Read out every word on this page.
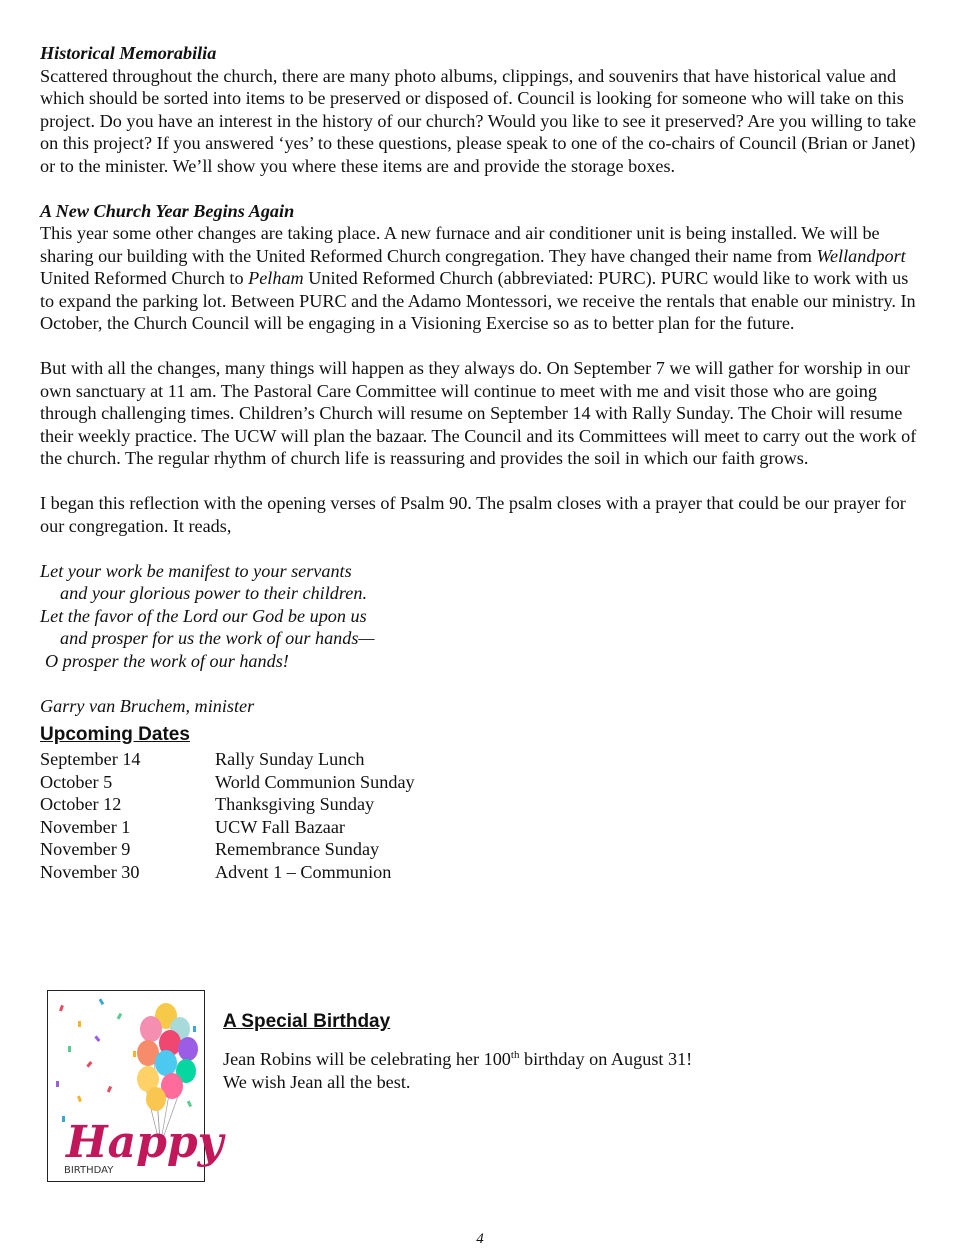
Historical Memorabilia

Scattered throughout the church, there are many photo albums, clippings, and souvenirs that have historical value and which should be sorted into items to be preserved or disposed of. Council is looking for someone who will take on this project. Do you have an interest in the history of our church? Would you like to see it preserved? Are you willing to take on this project? If you answered ‘yes’ to these questions, please speak to one of the co-chairs of Council (Brian or Janet) or to the minister. We’ll show you where these items are and provide the storage boxes.

A New Church Year Begins Again

This year some other changes are taking place. A new furnace and air conditioner unit is being installed. We will be sharing our building with the United Reformed Church congregation. They have changed their name from Wellandport United Reformed Church to Pelham United Reformed Church (abbreviated: PURC). PURC would like to work with us to expand the parking lot. Between PURC and the Adamo Montessori, we receive the rentals that enable our ministry. In October, the Church Council will be engaging in a Visioning Exercise so as to better plan for the future.

But with all the changes, many things will happen as they always do. On September 7 we will gather for worship in our own sanctuary at 11 am. The Pastoral Care Committee will continue to meet with me and visit those who are going through challenging times. Children’s Church will resume on September 14 with Rally Sunday. The Choir will resume their weekly practice. The UCW will plan the bazaar. The Council and its Committees will meet to carry out the work of the church. The regular rhythm of church life is reassuring and provides the soil in which our faith grows.

I began this reflection with the opening verses of Psalm 90. The psalm closes with a prayer that could be our prayer for our congregation. It reads,

Let your work be manifest to your servants

and your glorious power to their children.

Let the favor of the Lord our God be upon us

and prosper for us the work of our hands—

O prosper the work of our hands!

Garry van Bruchem, minister

Upcoming Dates

September 14	Rally Sunday Lunch
October 5	World Communion Sunday
October 12	Thanksgiving Sunday
November 1	UCW Fall Bazaar
November 9	Remembrance Sunday
November 30	Advent 1 – Communion
Happy
BIRTHDAY

A Special Birthday

Jean Robins will be celebrating her 100th birthday on August 31!

We wish Jean all the best.

4
